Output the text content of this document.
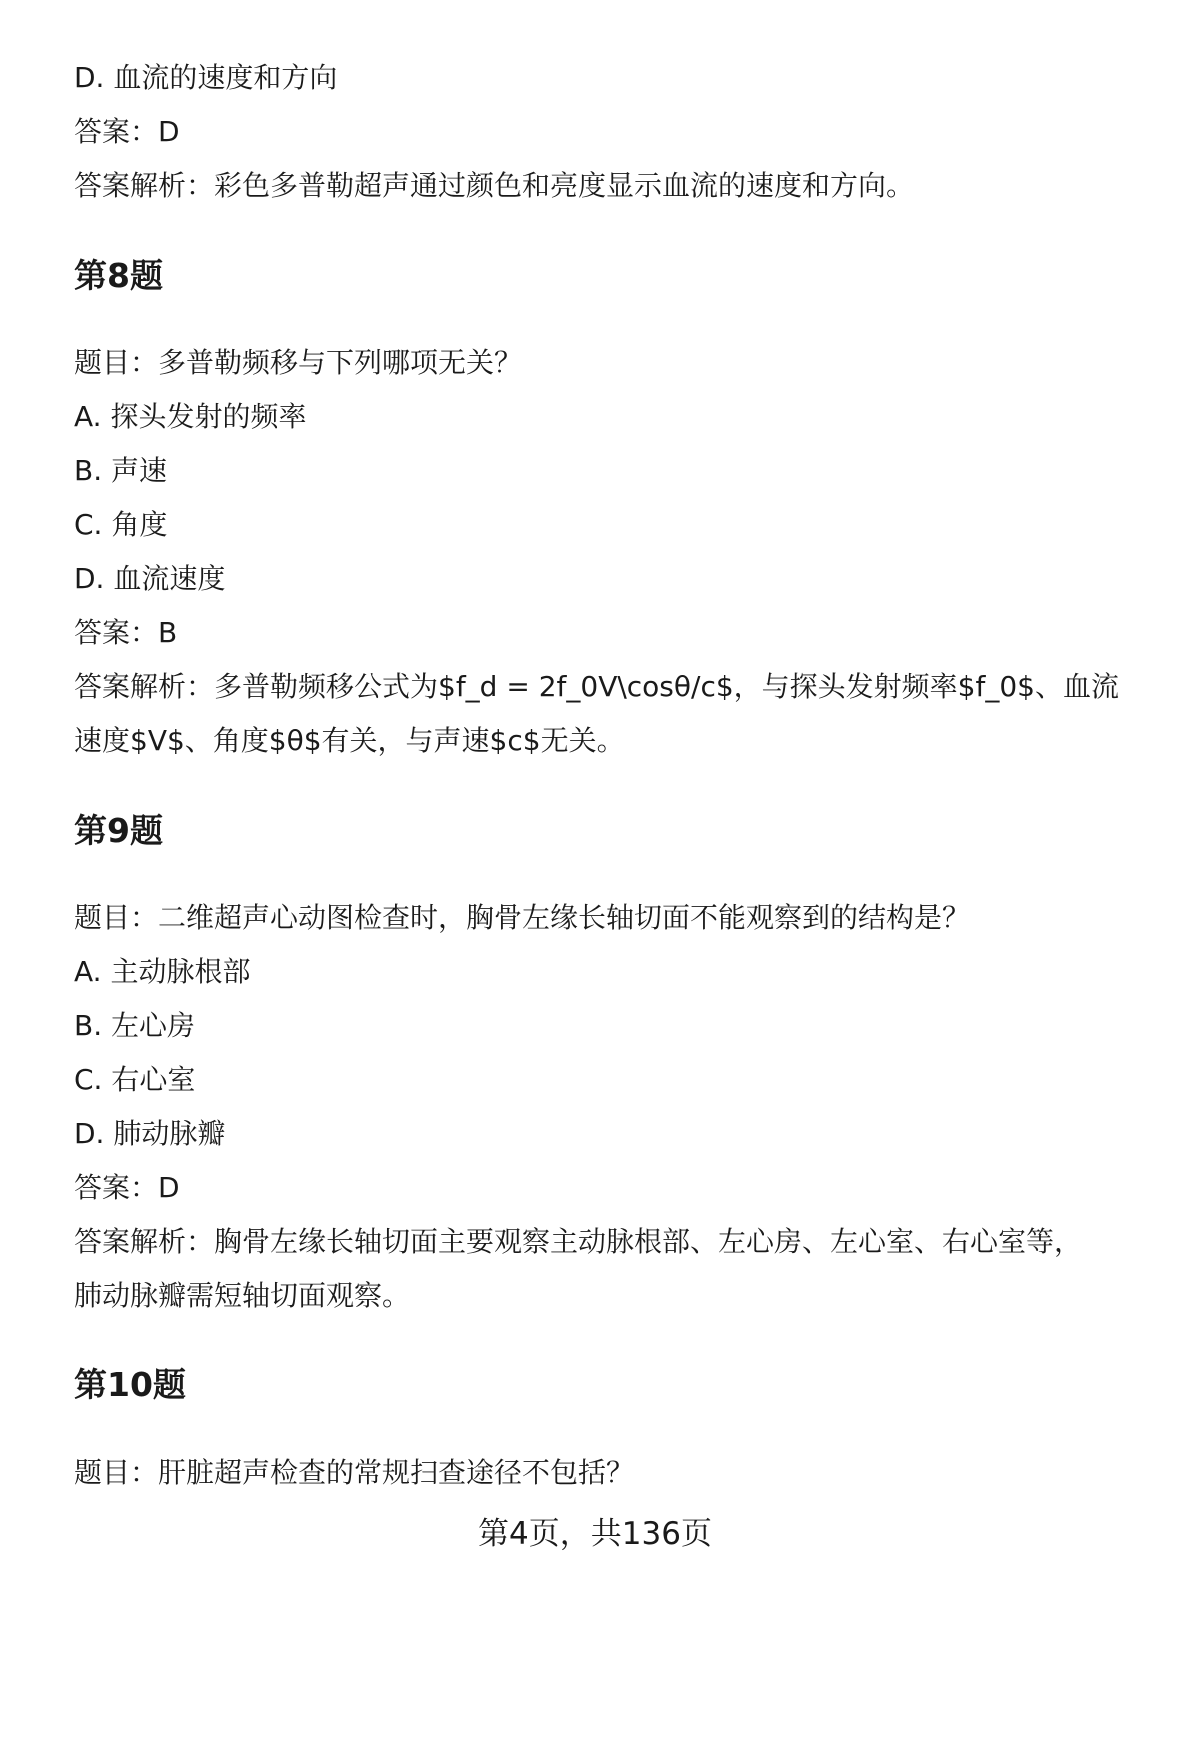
D. 血流的速度和方向
答案：D
答案解析：彩色多普勒超声通过颜色和亮度显示血流的速度和方向。
第8题
题目：多普勒频移与下列哪项无关？
A. 探头发射的频率
B. 声速
C. 角度
D. 血流速度
答案：B
答案解析：多普勒频移公式为$f_d = 2f_0V\cosθ/c$，与探头发射频率$f_0$、血流
速度$V$、角度$θ$有关，与声速$c$无关。
第9题
题目：二维超声心动图检查时，胸骨左缘长轴切面不能观察到的结构是？
A. 主动脉根部
B. 左心房
C. 右心室
D. 肺动脉瓣
答案：D
答案解析：胸骨左缘长轴切面主要观察主动脉根部、左心房、左心室、右心室等，
肺动脉瓣需短轴切面观察。
第10题
题目：肝脏超声检查的常规扫查途径不包括？
第4页，共136页
